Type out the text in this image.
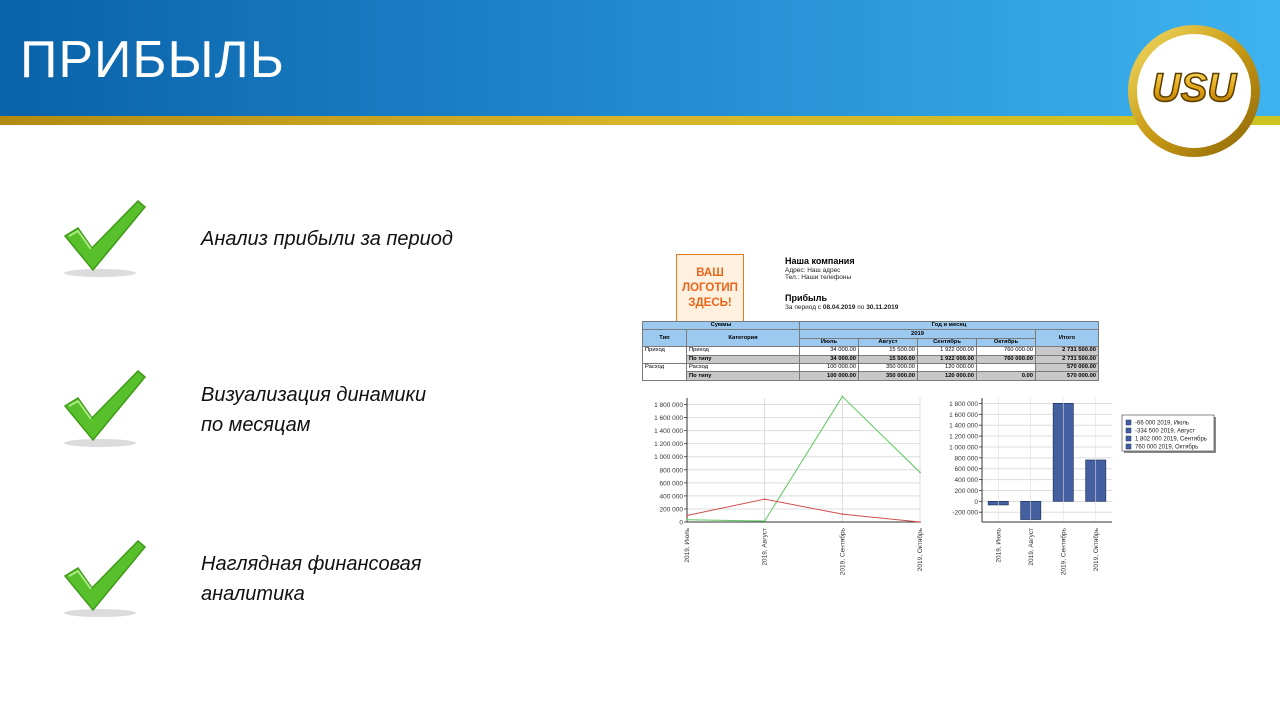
ПРИБЫЛЬ	USU
Анализ прибыли за период
Визуализация динамики
по месяцам
Наглядная финансовая
аналитика
ВАШ
ЛОГОТИП
ЗДЕСЬ!
Наша компания
Адрес: Наш адрес
Тел.: Наши телефоны
Прибыль
За период с 08.04.2019 по 30.11.2019
Суммы		Год и месяц				
Тип	Категория	2019				Итого
		Июль	Август	Сентябрь	Октябрь	
Приход	Приход	34 000.00	15 500.00	1 922 000.00	760 000.00	2 731 500.00
	По типу	34 000.00	15 500.00	1 922 000.00	760 000.00	2 731 500.00
Расход	Расход	100 000.00	350 000.00	120 000.00		570 000.00
	По типу	100 000.00	350 000.00	120 000.00	0.00	570 000.00
0
200 000
400 000
600 000
800 000
1 000 000
1 200 000
1 400 000
1 600 000
1 800 000
2019, Июль	2019, Август	2019, Сентябрь	2019, Октябрь
-200 000
0
200 000
400 000
600 000
800 000
1 000 000
1 200 000
1 400 000
1 600 000
1 800 000
2019, Июль	2019, Август	2019, Сентябрь	2019, Октябрь
-66 000 2019, Июль
-334 500 2019, Август
1 802 000 2019, Сентябрь
760 000 2019, Октябрь
